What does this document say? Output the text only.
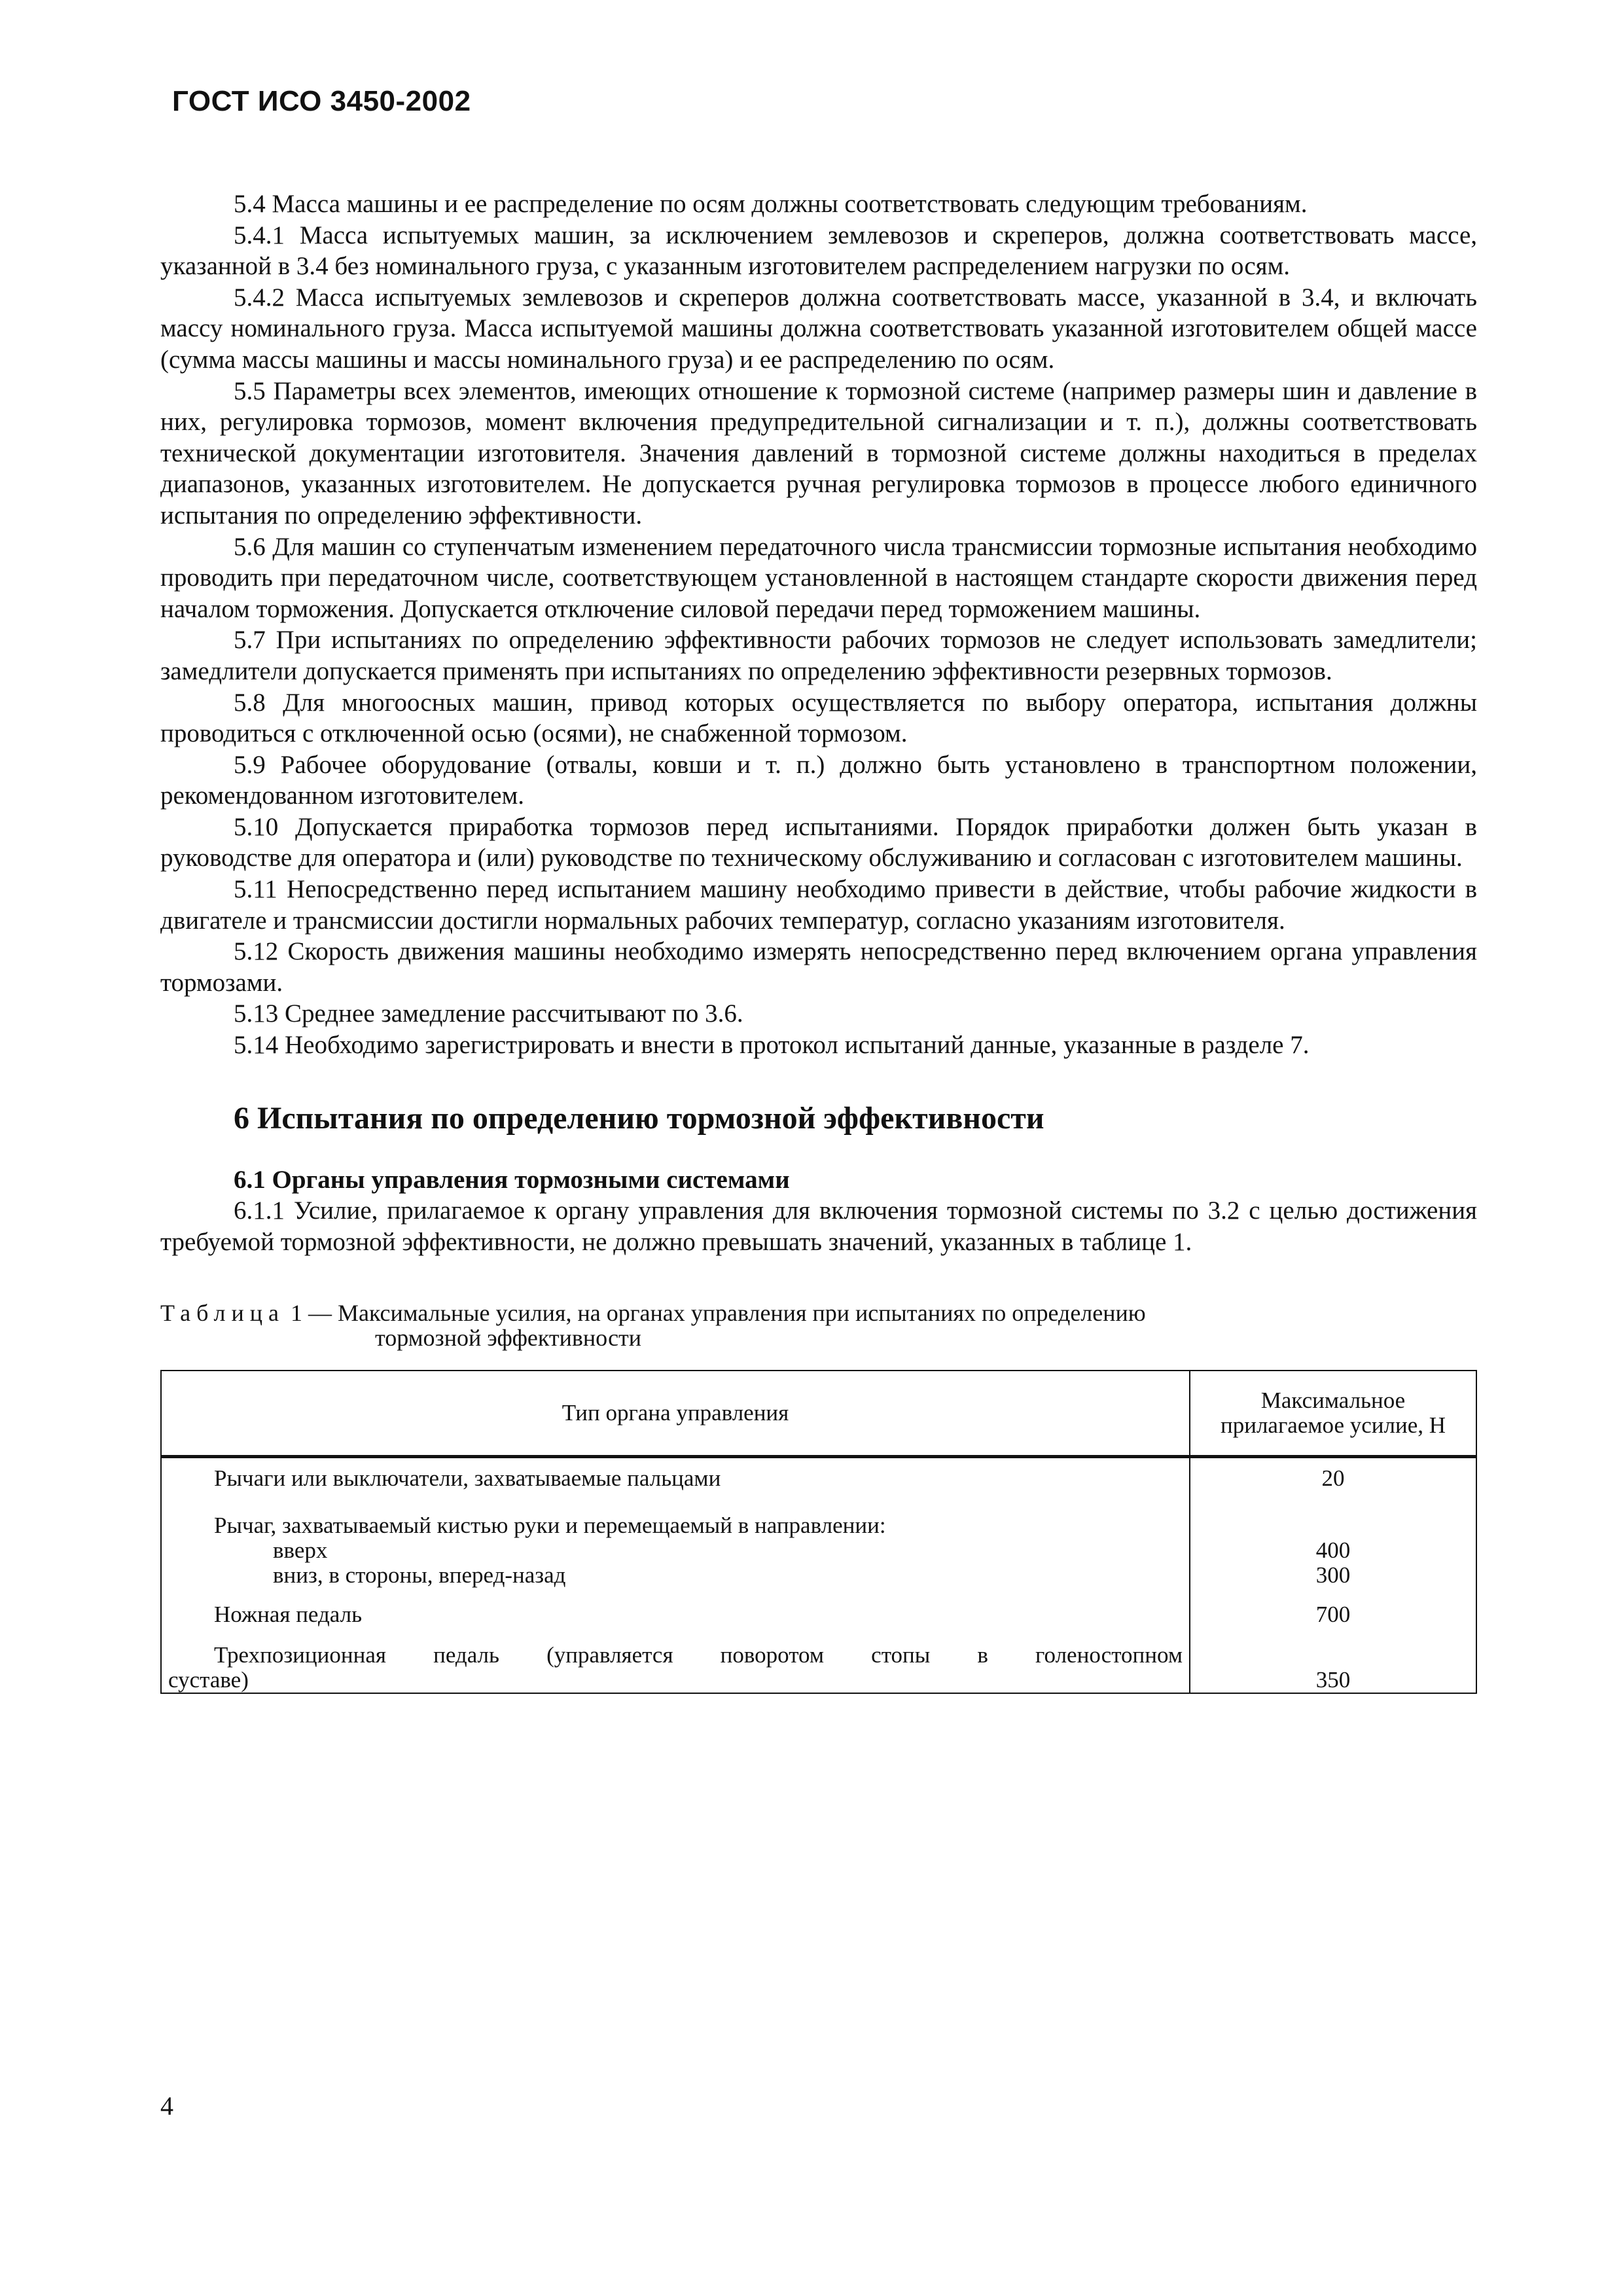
ГОСТ ИСО 3450-2002

5.4 Масса машины и ее распределение по осям должны соответствовать следующим требованиям.

5.4.1 Масса испытуемых машин, за исключением землевозов и скреперов, должна соответствовать массе, указанной в 3.4 без номинального груза, с указанным изготовителем распределением нагрузки по осям.

5.4.2 Масса испытуемых землевозов и скреперов должна соответствовать массе, указанной в 3.4, и включать массу номинального груза. Масса испытуемой машины должна соответствовать указанной изготовителем общей массе (сумма массы машины и массы номинального груза) и ее распределению по осям.

5.5 Параметры всех элементов, имеющих отношение к тормозной системе (например размеры шин и давление в них, регулировка тормозов, момент включения предупредительной сигнализации и т. п.), должны соответствовать технической документации изготовителя. Значения давлений в тормозной системе должны находиться в пределах диапазонов, указанных изготовителем. Не допускается ручная регулировка тормозов в процессе любого единичного испытания по определению эффективности.

5.6 Для машин со ступенчатым изменением передаточного числа трансмиссии тормозные испытания необходимо проводить при передаточном числе, соответствующем установленной в настоящем стандарте скорости движения перед началом торможения. Допускается отключение силовой передачи перед торможением машины.

5.7 При испытаниях по определению эффективности рабочих тормозов не следует использовать замедлители; замедлители допускается применять при испытаниях по определению эффективности резервных тормозов.

5.8 Для многоосных машин, привод которых осуществляется по выбору оператора, испытания должны проводиться с отключенной осью (осями), не снабженной тормозом.

5.9 Рабочее оборудование (отвалы, ковши и т. п.) должно быть установлено в транспортном положении, рекомендованном изготовителем.

5.10 Допускается приработка тормозов перед испытаниями. Порядок приработки должен быть указан в руководстве для оператора и (или) руководстве по техническому обслуживанию и согласован с изготовителем машины.

5.11 Непосредственно перед испытанием машину необходимо привести в действие, чтобы рабочие жидкости в двигателе и трансмиссии достигли нормальных рабочих температур, согласно указаниям изготовителя.

5.12 Скорость движения машины необходимо измерять непосредственно перед включением органа управления тормозами.

5.13 Среднее замедление рассчитывают по 3.6.

5.14 Необходимо зарегистрировать и внести в протокол испытаний данные, указанные в разделе 7.

6 Испытания по определению тормозной эффективности
6.1 Органы управления тормозными системами

6.1.1 Усилие, прилагаемое к органу управления для включения тормозной системы по 3.2 с целью достижения требуемой тормозной эффективности, не должно превышать значений, указанных в таблице 1.

Таблица 1 — Максимальные усилия, на органах управления при испытаниях по определению
тормозной эффективности
Тип органа управления	Максимальное прилагаемое усилие, Н

Рычаги или выключатели, захватываемые пальцами	20

Рычаг, захватываемый кистью руки и перемещаемый в направлении:	

вверх	400

вниз, в стороны, вперед-назад	300

Ножная педаль	700

Трехпозиционная педаль (управляется поворотом стопы в голеностопном
суставе)	350
4
